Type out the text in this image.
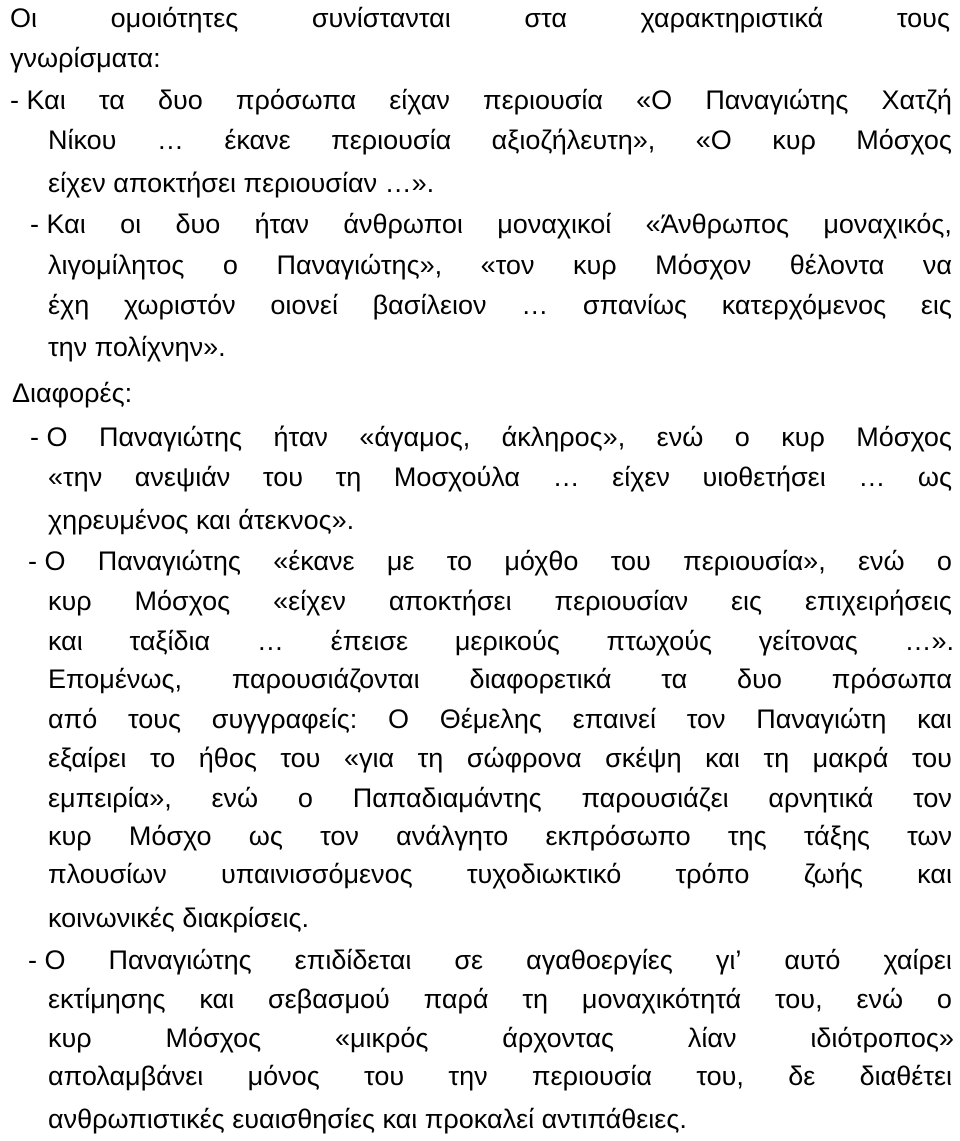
Οι	ομοιότητες	συνίστανται	στα	χαρακτηριστικά	τους
γνωρίσματα:
- Και τα δυο πρόσωπα είχαν περιουσία «Ο Παναγιώτης Χατζή
Νίκου … έκανε περιουσία αξιοζήλευτη», «Ο κυρ Μόσχος
είχεν αποκτήσει περιουσίαν …».
- Και οι δυο ήταν άνθρωποι μοναχικοί «Άνθρωπος μοναχικός,
λιγομίλητος ο Παναγιώτης», «τον κυρ Μόσχον θέλοντα να
έχη χωριστόν οιονεί βασίλειον … σπανίως κατερχόμενος εις
την πολίχνην».
Διαφορές:
- Ο Παναγιώτης ήταν «άγαμος, άκληρος», ενώ ο κυρ Μόσχος
«την ανεψιάν του τη Μοσχούλα … είχεν υιοθετήσει … ως
χηρευμένος και άτεκνος».
- Ο Παναγιώτης «έκανε με το μόχθο του περιουσία», ενώ ο
κυρ Μόσχος «είχεν αποκτήσει περιουσίαν εις επιχειρήσεις
και ταξίδια … έπεισε μερικούς πτωχούς γείτονας …».
Επομένως, παρουσιάζονται διαφορετικά τα δυο πρόσωπα
από τους συγγραφείς: Ο Θέμελης επαινεί τον Παναγιώτη και
εξαίρει το ήθος του «για τη σώφρονα σκέψη και τη μακρά του
εμπειρία», ενώ ο Παπαδιαμάντης παρουσιάζει αρνητικά τον
κυρ Μόσχο ως τον ανάλγητο εκπρόσωπο της τάξης των
πλουσίων υπαινισσόμενος τυχοδιωκτικό τρόπο ζωής και
κοινωνικές διακρίσεις.
- Ο Παναγιώτης επιδίδεται σε αγαθοεργίες γι’ αυτό χαίρει
εκτίμησης και σεβασμού παρά τη μοναχικότητά του, ενώ ο
κυρ	Μόσχος	«μικρός	άρχοντας	λίαν	ιδιότροπος»
απολαμβάνει μόνος του την περιουσία του, δε διαθέτει
ανθρωπιστικές ευαισθησίες και προκαλεί αντιπάθειες.
